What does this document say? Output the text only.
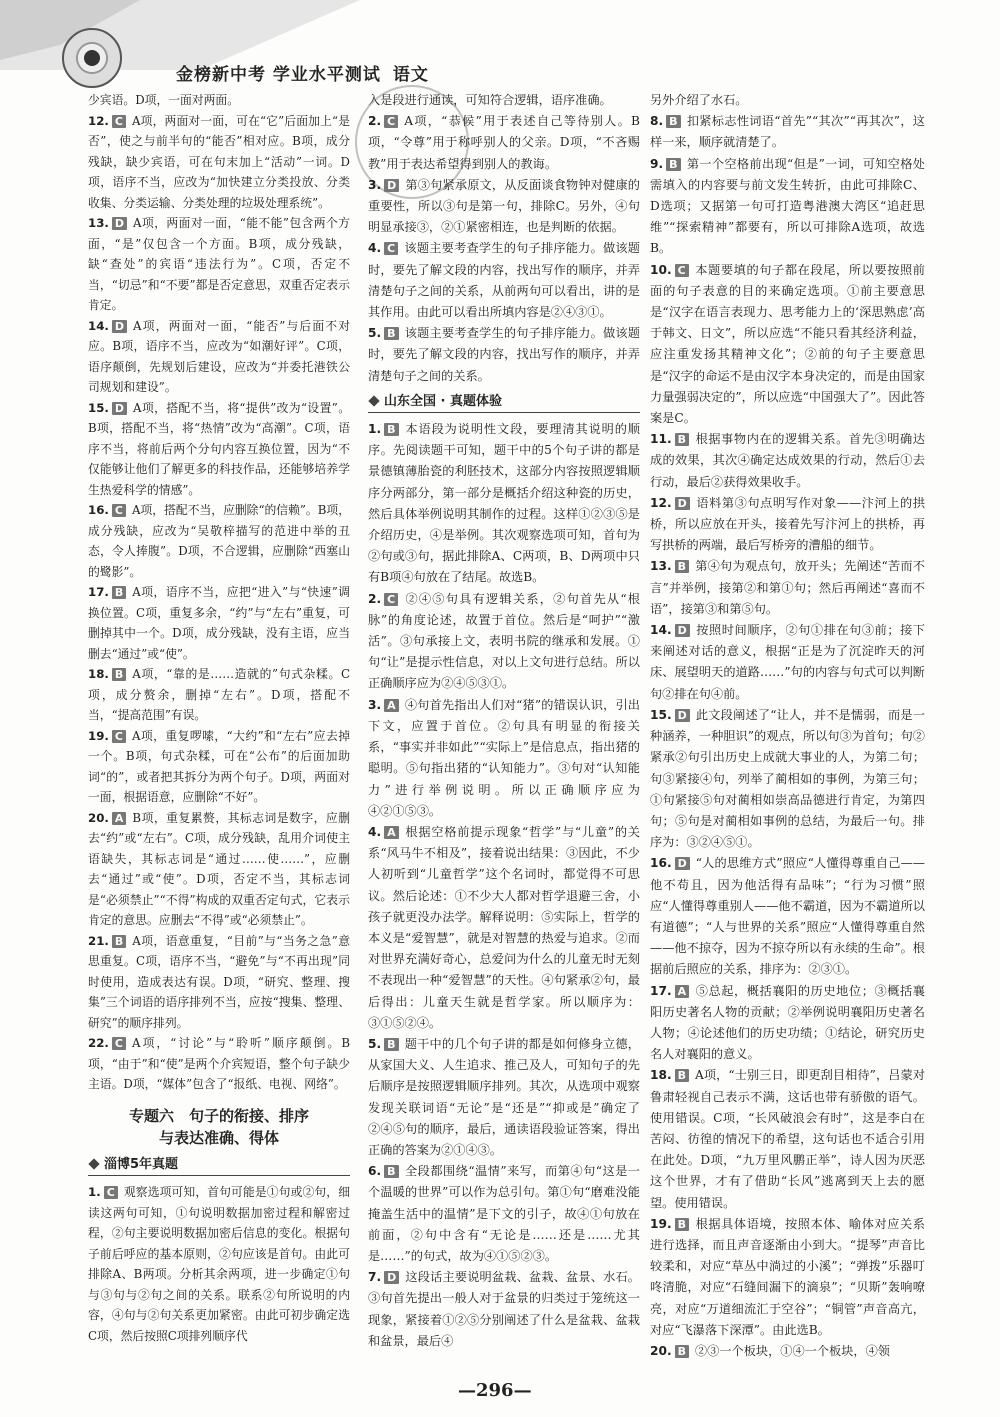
金榜新中考 学业水平测试 语文
少宾语。D项，一面对两面。
12. C A项，两面对一面，可在“它”后面加上“是否”，使之与前半句的“能否”相对应。B项，成分残缺，缺少宾语，可在句末加上“活动”一词。D项，语序不当，应改为“加快建立分类投放、分类收集、分类运输、分类处理的垃圾处理系统”。
13. D A项，两面对一面，“能不能”包含两个方面，“是”仅包含一个方面。B项，成分残缺，缺“查处”的宾语“违法行为”。C项，否定不当，“切忌”和“不要”都是否定意思，双重否定表示肯定。
14. D A项，两面对一面，“能否”与后面不对应。B项，语序不当，应改为“如潮好评”。C项，语序颠倒，先规划后建设，应改为“并委托港铁公司规划和建设”。
15. D A项，搭配不当，将“提供”改为“设置”。B项，搭配不当，将“热情”改为“高潮”。C项，语序不当，将前后两个分句内容互换位置，因为“不仅能够让他们了解更多的科技作品，还能够培养学生热爱科学的情感”。
16. C A项，搭配不当，应删除“的信赖”。B项，成分残缺，应改为“吴敬梓描写的范进中举的丑态，令人捧腹”。D项，不合逻辑，应删除“西塞山的鹭影”。
17. B A项，语序不当，应把“进入”与“快速”调换位置。C项，重复多余，“约”与“左右”重复，可删掉其中一个。D项，成分残缺，没有主语，应当删去“通过”或“使”。
18. B A项，“靠的是……造就的”句式杂糅。C项，成分赘余，删掉“左右”。D项，搭配不当，“提高范围”有误。
19. C A项，重复啰嗦，“大约”和“左右”应去掉一个。B项，句式杂糅，可在“公布”的后面加助词“的”，或者把其拆分为两个句子。D项，两面对一面，根据语意，应删除“不好”。
20. A B项，重复累赘，其标志词是数字，应删去“约”或“左右”。C项，成分残缺，乱用介词使主语缺失，其标志词是“通过……使……”，应删去“通过”或“使”。D项，否定不当，其标志词是“必须禁止”“不得”构成的双重否定句式，它表示肯定的意思。应删去“不得”或“必须禁止”。
21. B A项，语意重复，“目前”与“当务之急”意思重复。C项，语序不当，“避免”与“不再出现”同时使用，造成表达有误。D项，“研究、整理、搜集”三个词语的语序排列不当，应按“搜集、整理、研究”的顺序排列。
22. C A项，“讨论”与“聆听”顺序颠倒。B项，“由于”和“使”是两个介宾短语，整个句子缺少主语。D项，“媒体”包含了“报纸、电视、网络”。
专题六　句子的衔接、排序
与表达准确、得体
淄博5年真题
1. C 观察选项可知，首句可能是①句或②句，细读这两句可知，①句说明数据加密过程和解密过程，②句主要说明数据加密后信息的变化。根据句子前后呼应的基本原则，②句应该是首句。由此可排除A、B两项。分析其余两项，进一步确定①句与③句与②句之间的关系。联系②句所说明的内容，④句与②句关系更加紧密。由此可初步确定选C项，然后按照C项排列顺序代
入是段进行通读，可知符合逻辑，语序准确。
2. C A项，“恭候”用于表述自己等待别人。B项，“令尊”用于称呼别人的父亲。D项，“不吝赐教”用于表达希望得到别人的教诲。
3. D 第③句紧承原文，从反面谈食物钟对健康的重要性，所以③句是第一句，排除C。另外，④句明显承接③，②①紧密相连，也是判断的依据。
4. C 该题主要考查学生的句子排序能力。做该题时，要先了解文段的内容，找出写作的顺序，并弄清楚句子之间的关系，从前两句可以看出，讲的是其作用。由此可以看出所填内容是②④③①。
5. B 该题主要考查学生的句子排序能力。做该题时，要先了解文段的内容，找出写作的顺序，并弄清楚句子之间的关系。
山东全国 · 真题体验
1. B 本语段为说明性文段，要理清其说明的顺序。先阅读题干可知，题干中的5个句子讲的都是景德镇薄胎瓷的利胚技术，这部分内容按照逻辑顺序分两部分，第一部分是概括介绍这种瓷的历史，然后具体举例说明其制作的过程。这样①②③⑤是介绍历史，④是举例。其次观察选项可知，首句为②句或③句，据此排除A、C两项，B、D两项中只有B项④句放在了结尾。故选B。
2. C ②④⑤句具有逻辑关系，②句首先从“根脉”的角度论述，故置于首位。然后是“呵护”“激活”。③句承接上文，表明书院的继承和发展。①句“让”是提示性信息，对以上文句进行总结。所以正确顺序应为②④⑤③①。
3. A ④句首先指出人们对“猪”的错误认识，引出下文，应置于首位。②句具有明显的衔接关系，“事实并非如此”“实际上”是信息点，指出猪的聪明。⑤句指出猪的“认知能力”。③句对“认知能力”进行举例说明。所以正确顺序应为④②①⑤③。
4. A 根据空格前提示现象“哲学”与“儿童”的关系“风马牛不相及”，接着说出结果：③因此，不少人初听到“儿童哲学”这个名词时，都觉得不可思议。然后论述：①不少大人都对哲学退避三舍，小孩子就更没办法学。解释说明：⑤实际上，哲学的本义是“爱智慧”，就是对智慧的热爱与追求。②而对世界充满好奇心，总爱问为什么的儿童无时无刻不表现出一种“爱智慧”的天性。④句紧承②句，最后得出：儿童天生就是哲学家。所以顺序为：③①⑤②④。
5. B 题干中的几个句子讲的都是如何修身立德，从家国大义、人生追求、推己及人，可知句子的先后顺序是按照逻辑顺序排列。其次，从选项中观察发现关联词语“无论”是“还是”“抑或是”确定了②④⑤句的顺序，最后，通读语段验证答案，得出正确的答案为②①④③。
6. B 全段都围绕“温情”来写，而第④句“这是一个温暖的世界”可以作为总引句。第①句“磨难没能掩盖生活中的温情”是下文的引子，故④①句放在前面，②句中含有“无论是……还是……尤其是……”的句式，故为④①⑤②③。
7. D 这段话主要说明盆栽、盆栽、盆景、水石。③句首先提出一般人对于盆景的归类过于笼统这一现象，紧接着①②⑤分别阐述了什么是盆栽、盆栽和盆景，最后④
另外介绍了水石。
8. B 扣紧标志性词语“首先”“其次”“再其次”，这样一来，顺序就清楚了。
9. B 第一个空格前出现“但是”一词，可知空格处需填入的内容要与前文发生转折，由此可排除C、D选项；又据第一句可打造粤港澳大湾区“追赶思维”“探索精神”都要有，所以可排除A选项，故选B。
10. C 本题要填的句子都在段尾，所以要按照前面的句子表意的目的来确定选项。①前主要意思是“汉字在语言表现力、思考能力上的‘深思熟虑’高于韩文、日文”，所以应选“不能只看其经济利益，应注重发扬其精神文化”；②前的句子主要意思是“汉字的命运不是由汉字本身决定的，而是由国家力量强弱决定的”，所以应选“中国强大了”。因此答案是C。
11. B 根据事物内在的逻辑关系。首先③明确达成的效果，其次④确定达成效果的行动，然后①去行动，最后②获得效果收手。
12. D 语料第③句点明写作对象——汴河上的拱桥，所以应放在开头，接着先写汴河上的拱桥，再写拱桥的两端，最后写桥旁的漕船的细节。
13. B 第④句为观点句，放开头；先阐述“苦而不言”并举例，接第②和第①句；然后再阐述“喜而不语”，接第③和第⑤句。
14. D 按照时间顺序，②句①排在句③前；接下来阐述对话的意义，根据“正是为了沉淀昨天的河床、展望明天的道路……”句的内容与句式可以判断句②排在句④前。
15. D 此文段阐述了“让人，并不是懦弱，而是一种涵养，一种胆识”的观点，所以句③为首句；句②紧承②句引出历史上成就大事业的人，为第二句；句③紧接④句，列举了蔺相如的事例，为第三句；①句紧接⑤句对蔺相如崇高品德进行肯定，为第四句；⑤句是对蔺相如事例的总结，为最后一句。排序为：③②④⑤①。
16. D “人的思维方式”照应“人懂得尊重自己——他不苟且，因为他活得有品味”；“行为习惯”照应“人懂得尊重别人——他不霸道，因为不霸道所以有道德”；“人与世界的关系”照应“人懂得尊重自然——他不掠夺，因为不掠夺所以有永续的生命”。根据前后照应的关系，排序为：②③①。
17. A ⑤总起，概括襄阳的历史地位；③概括襄阳历史著名人物的贡献；②举例说明襄阳历史著名人物；④论述他们的历史功绩；①结论，研究历史名人对襄阳的意义。
18. B A项，“士别三日，即更刮目相待”，吕蒙对鲁肃轻视自己表示不满，这话也带有骄傲的语气。使用错误。C项，“长风破浪会有时”，这是李白在苦闷、彷徨的情况下的希望，这句话也不适合引用在此处。D项，“九万里风鹏正举”，诗人因为厌恶这个世界，才有了借助“长风”逃离到天上去的愿望。使用错误。
19. B 根据具体语境，按照本体、喻体对应关系进行选择，而且声音逐渐由小到大。“提琴”声音比较柔和，对应“草丛中淌过的小溪”；“弹拨”乐器叮咚清脆，对应“石缝间漏下的滴泉”；“贝斯”轰响嘹亮，对应“万道细流汇于空谷”；“铜管”声音高亢，对应“飞瀑落下深潭”。由此选B。
20. B ②③一个板块，①④一个板块，④领
—296—
